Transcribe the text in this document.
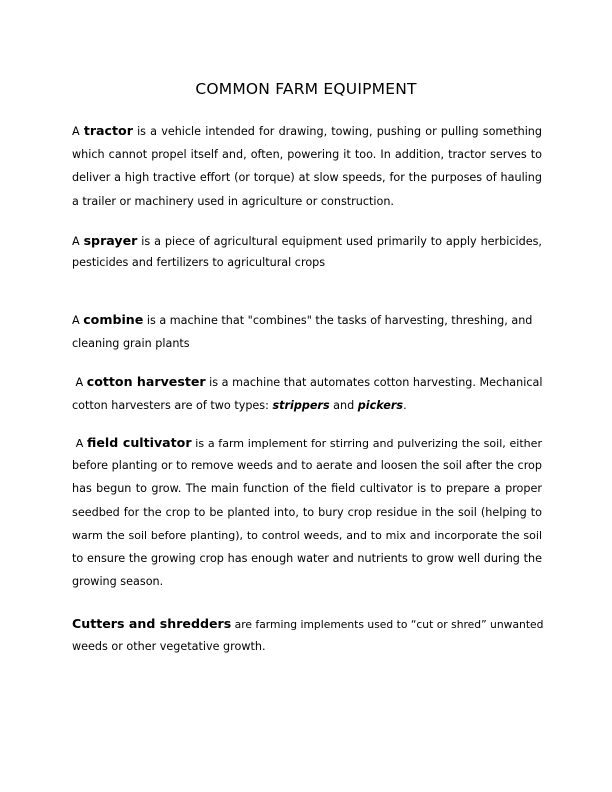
COMMON FARM EQUIPMENT
A tractor is a vehicle intended for drawing, towing, pushing or pulling something
which cannot propel itself and, often, powering it too. In addition, tractor serves to
deliver a high tractive effort (or torque) at slow speeds, for the purposes of hauling
a trailer or machinery used in agriculture or construction.
A sprayer is a piece of agricultural equipment used primarily to apply herbicides,
pesticides and fertilizers to agricultural crops
A combine is a machine that "combines" the tasks of harvesting, threshing, and
cleaning grain plants
A cotton harvester is a machine that automates cotton harvesting. Mechanical
cotton harvesters are of two types: strippers and pickers.
A field cultivator is a farm implement for stirring and pulverizing the soil, either
before planting or to remove weeds and to aerate and loosen the soil after the crop
has begun to grow. The main function of the field cultivator is to prepare a proper
seedbed for the crop to be planted into, to bury crop residue in the soil (helping to
warm the soil before planting), to control weeds, and to mix and incorporate the soil
to ensure the growing crop has enough water and nutrients to grow well during the
growing season.
Cutters and shredders are farming implements used to “cut or shred” unwanted
weeds or other vegetative growth.
